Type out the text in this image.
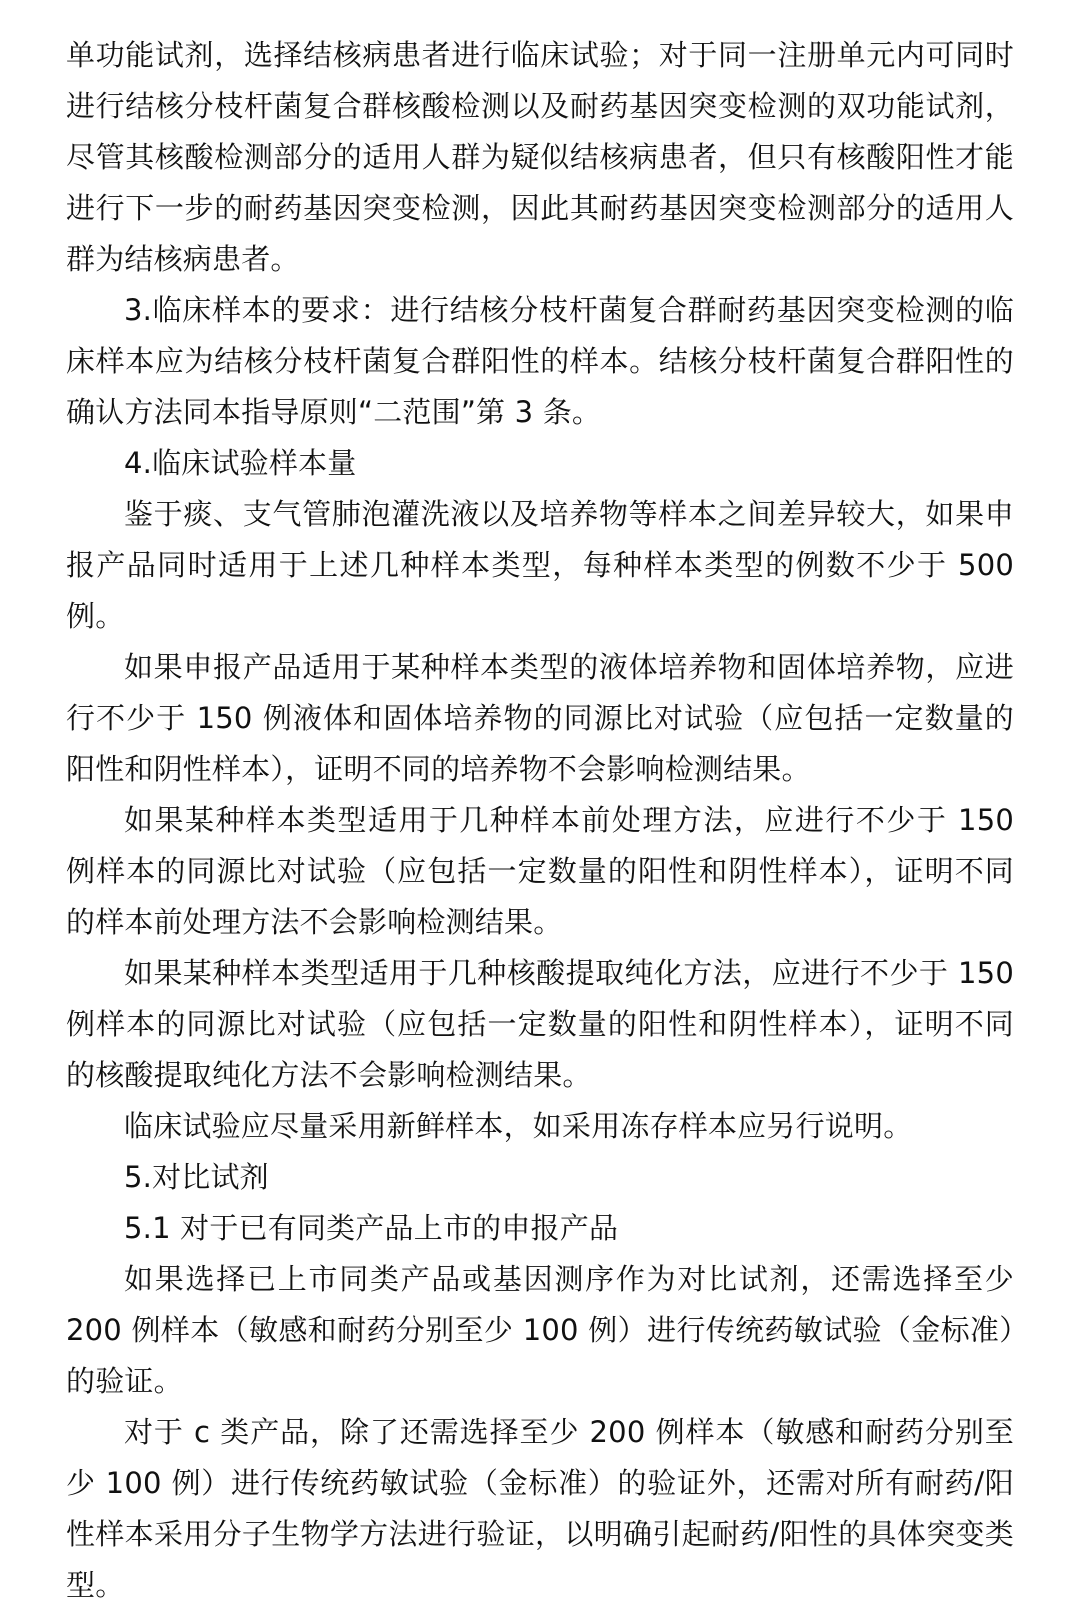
单功能试剂，选择结核病患者进行临床试验；对于同一注册单元内可同时进行结核分枝杆菌复合群核酸检测以及耐药基因突变检测的双功能试剂，尽管其核酸检测部分的适用人群为疑似结核病患者，但只有核酸阳性才能进行下一步的耐药基因突变检测，因此其耐药基因突变检测部分的适用人群为结核病患者。

3.临床样本的要求：进行结核分枝杆菌复合群耐药基因突变检测的临床样本应为结核分枝杆菌复合群阳性的样本。结核分枝杆菌复合群阳性的确认方法同本指导原则“二范围”第 3 条。

4.临床试验样本量

鉴于痰、支气管肺泡灌洗液以及培养物等样本之间差异较大，如果申报产品同时适用于上述几种样本类型，每种样本类型的例数不少于 500 例。

如果申报产品适用于某种样本类型的液体培养物和固体培养物，应进行不少于 150 例液体和固体培养物的同源比对试验（应包括一定数量的阳性和阴性样本），证明不同的培养物不会影响检测结果。

如果某种样本类型适用于几种样本前处理方法，应进行不少于 150 例样本的同源比对试验（应包括一定数量的阳性和阴性样本），证明不同的样本前处理方法不会影响检测结果。

如果某种样本类型适用于几种核酸提取纯化方法，应进行不少于 150 例样本的同源比对试验（应包括一定数量的阳性和阴性样本），证明不同的核酸提取纯化方法不会影响检测结果。

临床试验应尽量采用新鲜样本，如采用冻存样本应另行说明。

5.对比试剂

5.1 对于已有同类产品上市的申报产品

如果选择已上市同类产品或基因测序作为对比试剂，还需选择至少 200 例样本（敏感和耐药分别至少 100 例）进行传统药敏试验（金标准）的验证。

对于 c 类产品，除了还需选择至少 200 例样本（敏感和耐药分别至少 100 例）进行传统药敏试验（金标准）的验证外，还需对所有耐药/阳性样本采用分子生物学方法进行验证，以明确引起耐药/阳性的具体突变类型。
